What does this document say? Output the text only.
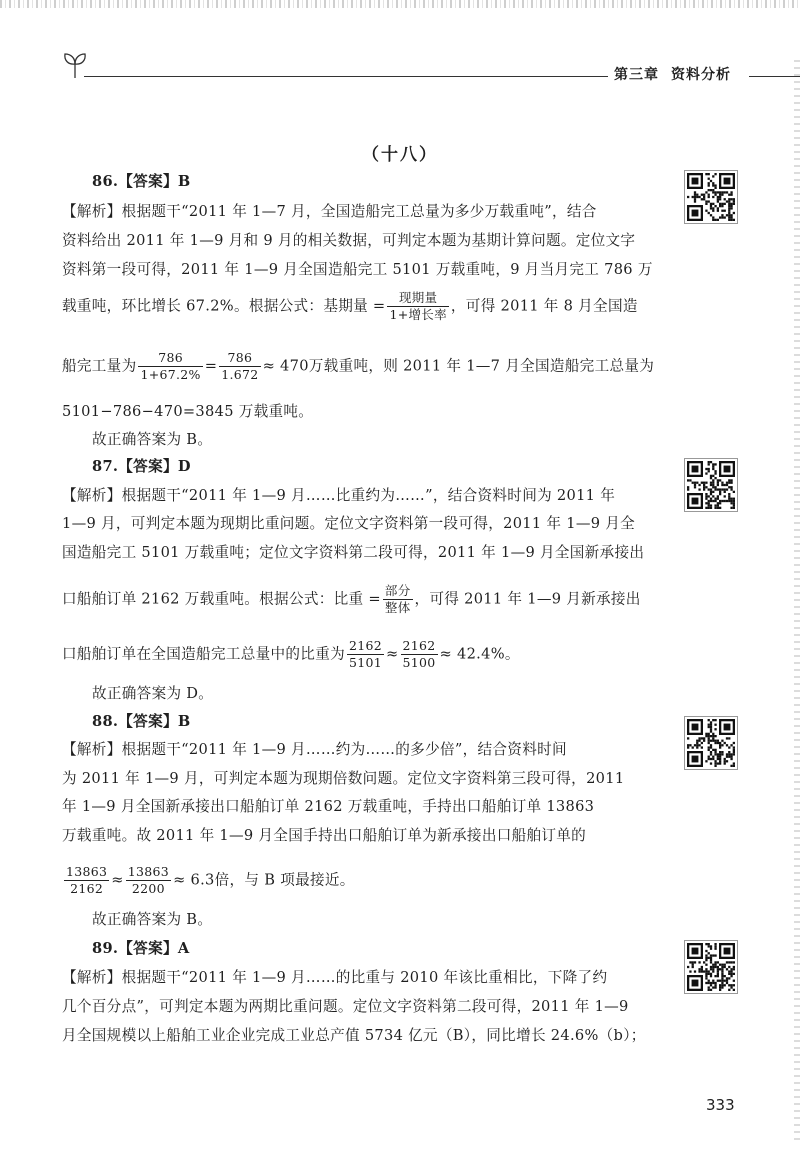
第三章 资料分析
（十八）
86.【答案】B
【解析】根据题干“2011 年 1—7 月，全国造船完工总量为多少万载重吨”，结合
资料给出 2011 年 1—9 月和 9 月的相关数据，可判定本题为基期计算问题。定位文字
资料第一段可得，2011 年 1—9 月全国造船完工 5101 万载重吨，9 月当月完工 786 万
载重吨，环比增长 67.2%。根据公式：基期量 = $\frac{\text{现期量}}{\text{1+增长率}}$ ，可得 2011 年 8 月全国造
船完工量为 $\frac{786}{1+67.2\%} = \frac{786}{1.672} \approx 470$万载重吨，则 2011 年 1—7 月全国造船完工总量为
5101−786−470=3845 万载重吨。
故正确答案为 B。
87.【答案】D
【解析】根据题干“2011 年 1—9 月……比重约为……”，结合资料时间为 2011 年
1—9 月，可判定本题为现期比重问题。定位文字资料第一段可得，2011 年 1—9 月全
国造船完工 5101 万载重吨；定位文字资料第二段可得，2011 年 1—9 月全国新承接出
口船舶订单 2162 万载重吨。根据公式：比重 = $\frac{\text{部分}}{\text{整体}}$ ，可得 2011 年 1—9 月新承接出
口船舶订单在全国造船完工总量中的比重为 $\frac{2162}{5101} \approx \frac{2162}{5100} \approx 42.4\%$。
故正确答案为 D。
88.【答案】B
【解析】根据题干“2011 年 1—9 月……约为……的多少倍”，结合资料时间
为 2011 年 1—9 月，可判定本题为现期倍数问题。定位文字资料第三段可得，2011
年 1—9 月全国新承接出口船舶订单 2162 万载重吨，手持出口船舶订单 13863
万载重吨。故 2011 年 1—9 月全国手持出口船舶订单为新承接出口船舶订单的
$\frac{13863}{2162} \approx \frac{13863}{2200} \approx 6.3$倍，与 B 项最接近。
故正确答案为 B。
89.【答案】A
【解析】根据题干“2011 年 1—9 月……的比重与 2010 年该比重相比，下降了约
几个百分点”，可判定本题为两期比重问题。定位文字资料第二段可得，2011 年 1—9
月全国规模以上船舶工业企业完成工业总产值 5734 亿元（B），同比增长 24.6%（b）；
333
